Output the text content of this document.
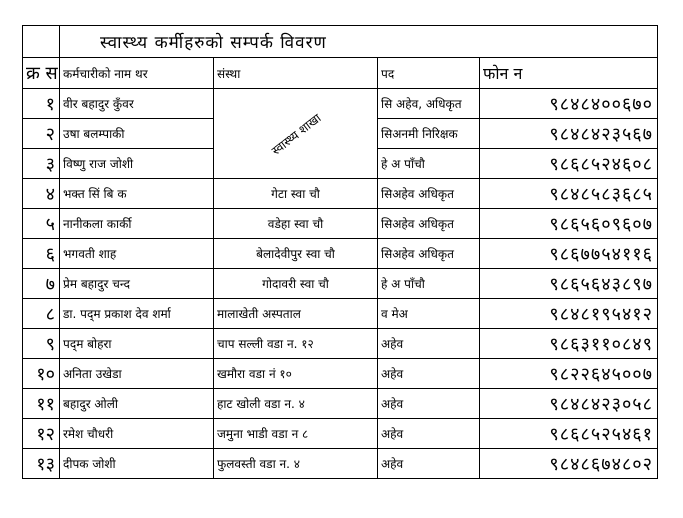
	स्वास्थ्य कर्मीहरुको सम्पर्क विवरण			
क्र स	कर्मचारीको नाम थर	संस्था	पद	फोन न
१	वीर बहादुर कुँवर	स्वास्थ्य शाखा	सि अहेव, अधिकृत	९८४८४००६७०
२	उषा बलम्पाकी		सिअनमी निरिक्षक	९८४८४२३५६७
३	विष्णु राज जोशी		हे अ पाँचौ	९८६८५२४६०८
४	भक्त सिं बि क	गेटा स्वा चौ	सिअहेव अधिकृत	९८४८५८३६८५
५	नानीकला कार्की	वडेहा स्वा चौ	सिअहेव अधिकृत	९८६५६०९६०७
६	भगवती शाह	बेलादेवीपुर स्वा चौ	सिअहेव अधिकृत	९८६७७५४११६
७	प्रेम बहादुर चन्द	गोदावरी स्वा चौ	हे अ पाँचौ	९८६५६४३८९७
८	डा. पद्‌म प्रकाश देव शर्मा	मालाखेती अस्पताल	व मेअ	९८४८१९५४१२
९	पद्‌म बोहरा	चाप सल्ली वडा न. १२	अहेव	९८६३११०८४९
१०	अनिता उखेडा	खमौरा वडा नं १०	अहेव	९८२२६४५००७
११	बहादुर ओली	हाट खोली वडा न. ४	अहेव	९८४८४२३०५८
१२	रमेश चौधरी	जमुना भाडी वडा न ८	अहेव	९८६८५२५४६१
१३	दीपक जोशी	फुलवस्ती वडा न. ४	अहेव	९८४८६७४८०२
